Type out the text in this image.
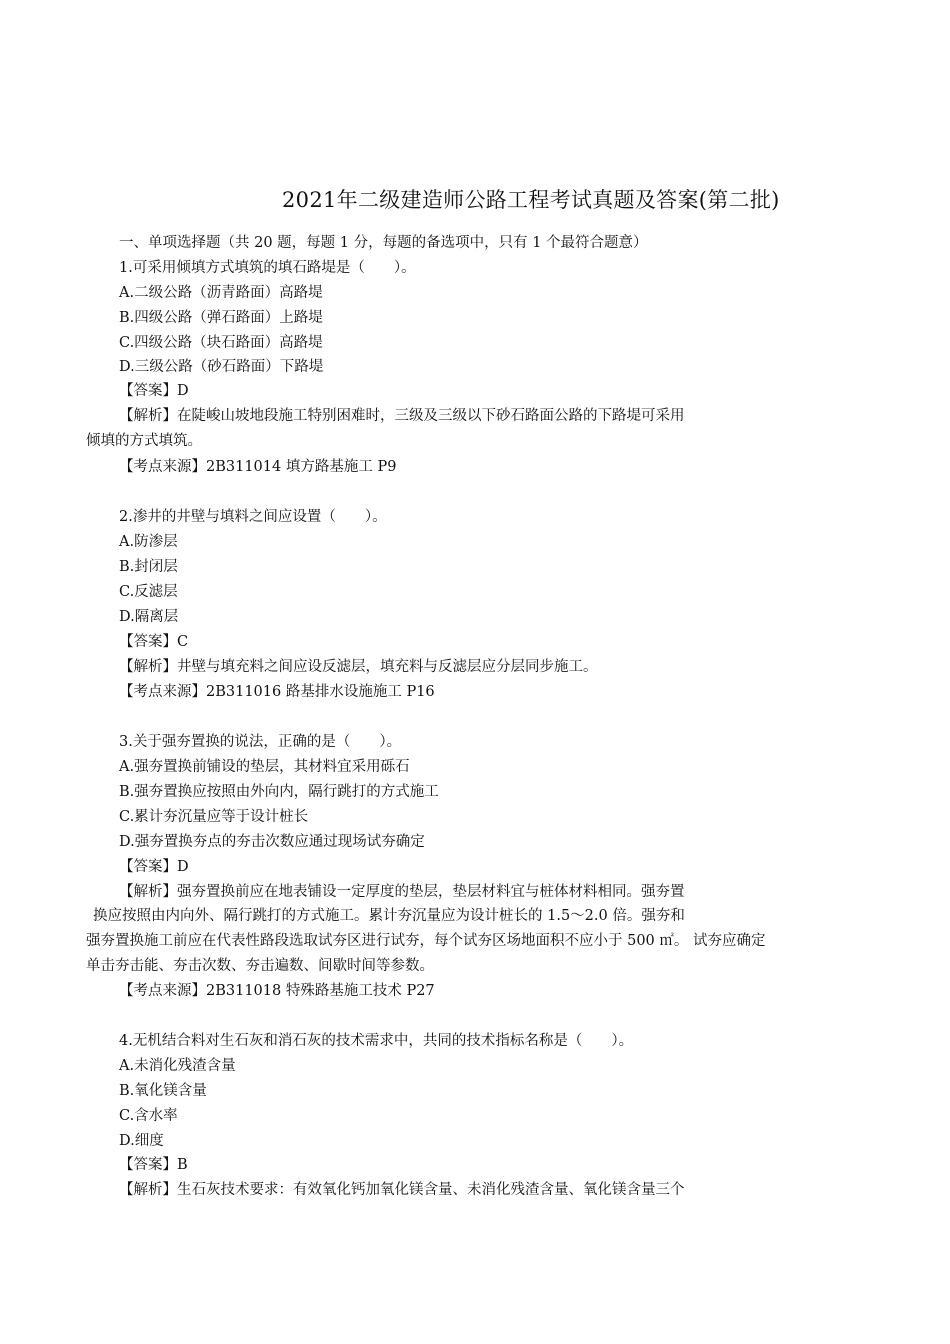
2021年二级建造师公路工程考试真题及答案(第二批)
一、单项选择题（共 20 题，每题 1 分，每题的备选项中，只有 1 个最符合题意）
1.可采用倾填方式填筑的填石路堤是（　　）。
A.二级公路（沥青路面）高路堤
B.四级公路（弹石路面）上路堤
C.四级公路（块石路面）高路堤
D.三级公路（砂石路面）下路堤
【答案】D
【解析】在陡峻山坡地段施工特别困难时，三级及三级以下砂石路面公路的下路堤可采用
倾填的方式填筑。
【考点来源】2B311014 填方路基施工 P9
2.渗井的井壁与填料之间应设置（　　）。
A.防渗层
B.封闭层
C.反滤层
D.隔离层
【答案】C
【解析】井壁与填充料之间应设反滤层，填充料与反滤层应分层同步施工。
【考点来源】2B311016 路基排水设施施工 P16
3.关于强夯置换的说法，正确的是（　　）。
A.强夯置换前铺设的垫层，其材料宜采用砾石
B.强夯置换应按照由外向内，隔行跳打的方式施工
C.累计夯沉量应等于设计桩长
D.强夯置换夯点的夯击次数应通过现场试夯确定
【答案】D
【解析】强夯置换前应在地表铺设一定厚度的垫层，垫层材料宜与桩体材料相同。强夯置
换应按照由内向外、隔行跳打的方式施工。累计夯沉量应为设计桩长的 1.5～2.0 倍。强夯和
强夯置换施工前应在代表性路段选取试夯区进行试夯，每个试夯区场地面积不应小于 500 ㎡。 试夯应确定
单击夯击能、夯击次数、夯击遍数、间歇时间等参数。
【考点来源】2B311018 特殊路基施工技术 P27
4.无机结合料对生石灰和消石灰的技术需求中，共同的技术指标名称是（　　）。
A.未消化残渣含量
B.氧化镁含量
C.含水率
D.细度
【答案】B
【解析】生石灰技术要求：有效氧化钙加氧化镁含量、未消化残渣含量、氧化镁含量三个
